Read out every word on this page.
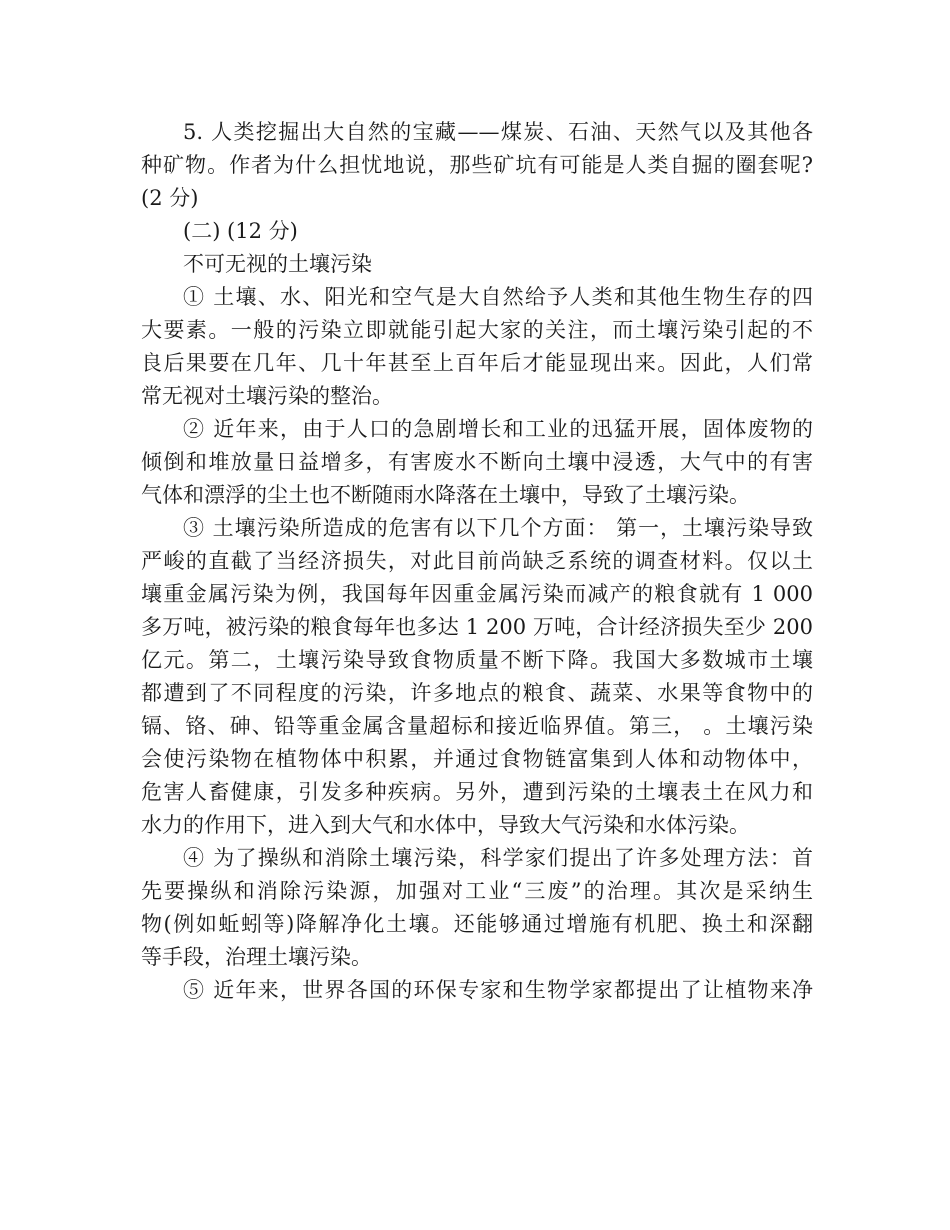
5. 人类挖掘出大自然的宝藏——煤炭、石油、天然气以及其他各
种矿物。作者为什么担忧地说，那些矿坑有可能是人类自掘的圈套呢?
(2 分)
(二) (12 分)
不可无视的土壤污染
① 土壤、水、阳光和空气是大自然给予人类和其他生物生存的四
大要素。一般的污染立即就能引起大家的关注，而土壤污染引起的不
良后果要在几年、几十年甚至上百年后才能显现出来。因此，人们常
常无视对土壤污染的整治。
② 近年来，由于人口的急剧增长和工业的迅猛开展，固体废物的
倾倒和堆放量日益增多，有害废水不断向土壤中浸透，大气中的有害
气体和漂浮的尘土也不断随雨水降落在土壤中，导致了土壤污染。
③ 土壤污染所造成的危害有以下几个方面： 第一，土壤污染导致
严峻的直截了当经济损失，对此目前尚缺乏系统的调查材料。仅以土
壤重金属污染为例，我国每年因重金属污染而减产的粮食就有 1 000
多万吨，被污染的粮食每年也多达 1 200 万吨，合计经济损失至少 200
亿元。第二，土壤污染导致食物质量不断下降。我国大多数城市土壤
都遭到了不同程度的污染，许多地点的粮食、蔬菜、水果等食物中的
镉、铬、砷、铅等重金属含量超标和接近临界值。第三， 。土壤污染
会使污染物在植物体中积累，并通过食物链富集到人体和动物体中，
危害人畜健康，引发多种疾病。另外，遭到污染的土壤表土在风力和
水力的作用下，进入到大气和水体中，导致大气污染和水体污染。
④ 为了操纵和消除土壤污染，科学家们提出了许多处理方法：首
先要操纵和消除污染源，加强对工业“三废”的治理。其次是采纳生
物(例如蚯蚓等)降解净化土壤。还能够通过增施有机肥、换土和深翻
等手段，治理土壤污染。
⑤ 近年来，世界各国的环保专家和生物学家都提出了让植物来净
